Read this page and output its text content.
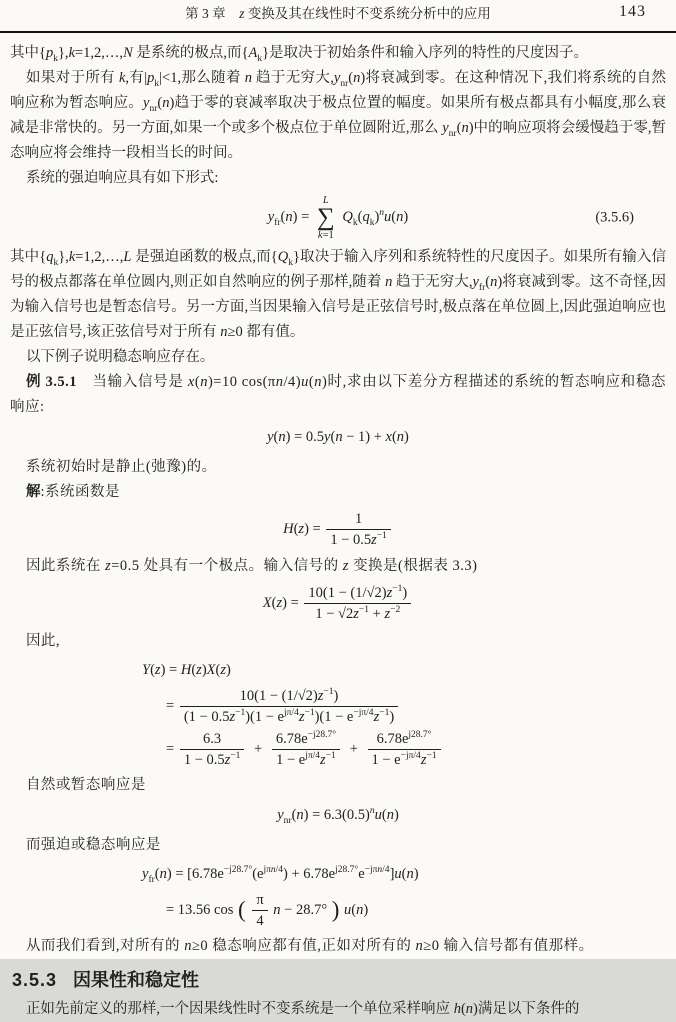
第 3 章　z 变换及其在线性时不变系统分析中的应用	143

其中$\{p_k\},k=1,2,\dots,N$ 是系统的极点,而$\{A_k\}$是取决于初始条件和输入序列的特性的尺度因子。

如果对于所有 k,有$|p_k|<1$,那么随着 n 趋于无穷大$,y_{nr}(n)$将衰减到零。在这种情况下,我们将系统的自然响应称为暂态响应。$y_{nr}(n)$趋于零的衰减率取决于极点位置的幅度。如果所有极点都具有小幅度,那么衰减是非常快的。另一方面,如果一个或多个极点位于单位圆附近,那么 $y_{nr}(n)$中的响应项将会缓慢趋于零,暂态响应将会维持一段相当长的时间。

系统的强迫响应具有如下形式:

$y_{fr}(n)$ =
L
∑
k=1
$Q_k(q_k)^nu(n)$	(3.5.6)

其中$\{q_k\},k=1,2,\dots,L$ 是强迫函数的极点,而$\{Q_k\}$取决于输入序列和系统特性的尺度因子。如果所有输入信号的极点都落在单位圆内,则正如自然响应的例子那样,随着 n 趋于无穷大$,y_{fr}(n)$将衰减到零。这不奇怪,因为输入信号也是暂态信号。另一方面,当因果输入信号是正弦信号时,极点落在单位圆上,因此强迫响应也是正弦信号,该正弦信号对于所有 n≥0 都有值。

以下例子说明稳态响应存在。

例 3.5.1　当输入信号是 x(n)=10 cos(πn/4)u(n)时,求由以下差分方程描述的系统的暂态响应和稳态响应:

y(n) = 0.5y(n − 1) + x(n)

系统初始时是静止(弛豫)的。

解:系统函数是

$H(z) = \frac{1}{1 - 0.5z^{-1}}$

因此系统在 z=0.5 处具有一个极点。输入信号的 z 变换是(根据表 3.3)

$X(z) = \frac{10(1 - (1/√2)z^{-1})}{1 - √2z^{-1} + z^{-2}}$

因此,

Y(z) = H(z)X(z)
= $\frac{10(1 - (1/√2)z^{-1})}{(1 - 0.5z^{-1})(1 - e^{j\pi/4}z^{-1})(1 - e^{-j\pi/4}z^{-1})}$
= $\frac{6.3}{1 - 0.5z^{-1}} + \frac{6.78e^{-j28.7^\circ}}{1 - e^{j\pi/4}z^{-1}} + \frac{6.78e^{j28.7^\circ}}{1 - e^{-j\pi/4}z^{-1}}$

自然或暂态响应是

$y_{nr}(n) = 6.3(0.5)^nu(n)$

而强迫或稳态响应是

$y_{fr}(n) = [6.78e^{-j28.7^\circ}(e^{j\pi n/4}) + 6.78e^{j28.7^\circ}e^{-j\pi n/4}]u(n)$
= 13.56 cos ( $\frac{\pi}{4}$ n − 28.7° ) u(n)

从而我们看到,对所有的 n≥0 稳态响应都有值,正如对所有的 n≥0 输入信号都有值那样。

3.5.3 因果性和稳定性

正如先前定义的那样,一个因果线性时不变系统是一个单位采样响应 h(n)满足以下条件的
